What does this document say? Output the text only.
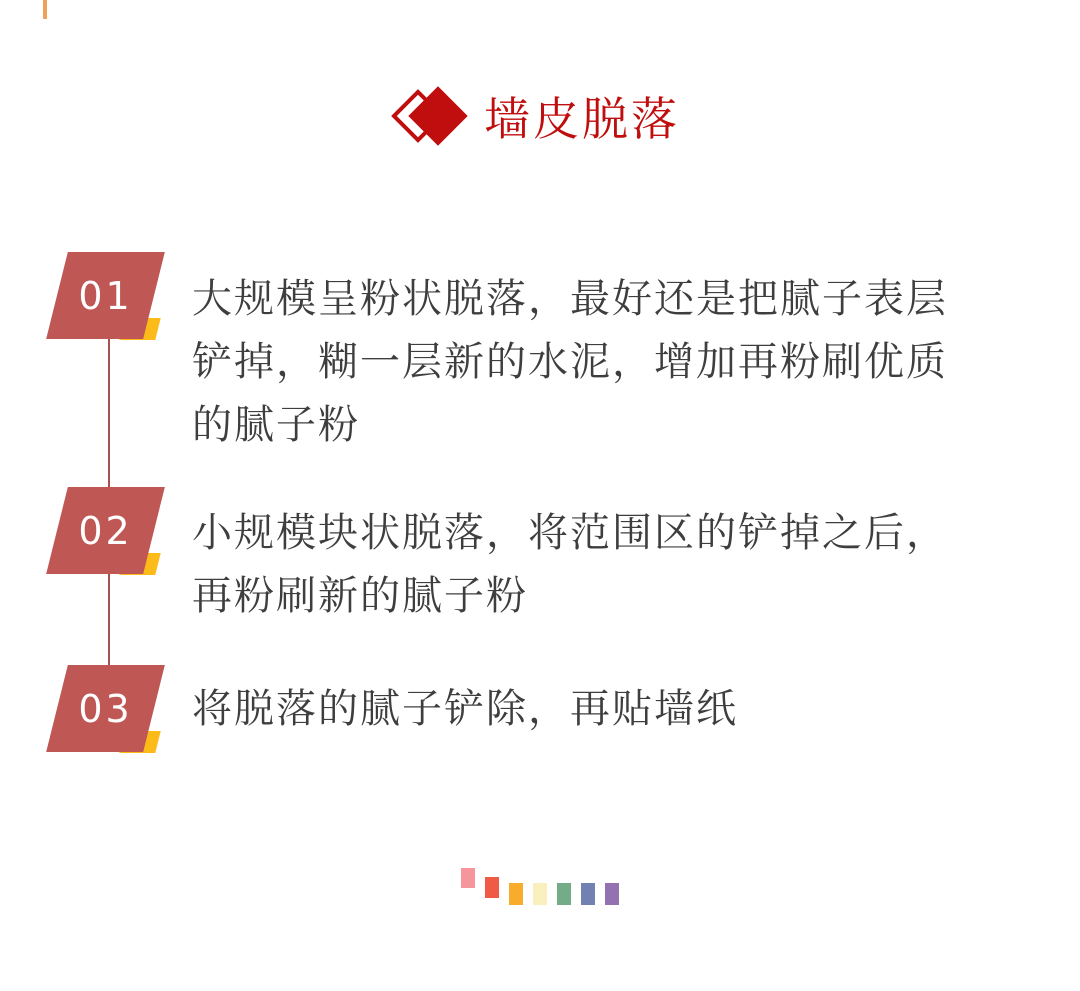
墙皮脱落
01
02
03
大规模呈粉状脱落，最好还是把腻子表层
铲掉，糊一层新的水泥，增加再粉刷优质
的腻子粉
小规模块状脱落，将范围区的铲掉之后，
再粉刷新的腻子粉
将脱落的腻子铲除，再贴墙纸
